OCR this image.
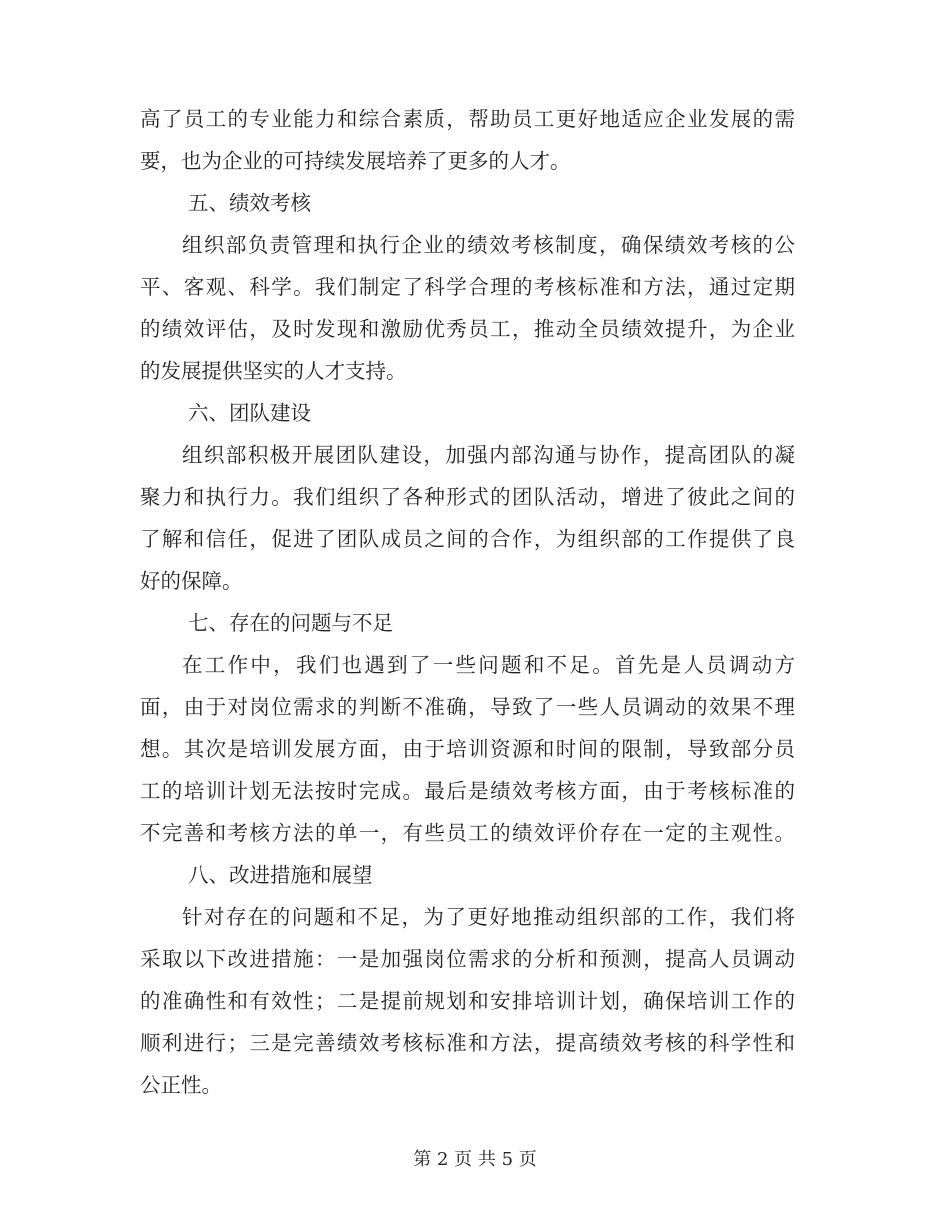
高了员工的专业能力和综合素质，帮助员工更好地适应企业发展的需
要，也为企业的可持续发展培养了更多的人才。
五、绩效考核
组织部负责管理和执行企业的绩效考核制度，确保绩效考核的公
平、客观、科学。我们制定了科学合理的考核标准和方法，通过定期
的绩效评估，及时发现和激励优秀员工，推动全员绩效提升，为企业
的发展提供坚实的人才支持。
六、团队建设
组织部积极开展团队建设，加强内部沟通与协作，提高团队的凝
聚力和执行力。我们组织了各种形式的团队活动，增进了彼此之间的
了解和信任，促进了团队成员之间的合作，为组织部的工作提供了良
好的保障。
七、存在的问题与不足
在工作中，我们也遇到了一些问题和不足。首先是人员调动方
面，由于对岗位需求的判断不准确，导致了一些人员调动的效果不理
想。其次是培训发展方面，由于培训资源和时间的限制，导致部分员
工的培训计划无法按时完成。最后是绩效考核方面，由于考核标准的
不完善和考核方法的单一，有些员工的绩效评价存在一定的主观性。
八、改进措施和展望
针对存在的问题和不足，为了更好地推动组织部的工作，我们将
采取以下改进措施：一是加强岗位需求的分析和预测，提高人员调动
的准确性和有效性；二是提前规划和安排培训计划，确保培训工作的
顺利进行；三是完善绩效考核标准和方法，提高绩效考核的科学性和
公正性。
第 2 页 共 5 页
